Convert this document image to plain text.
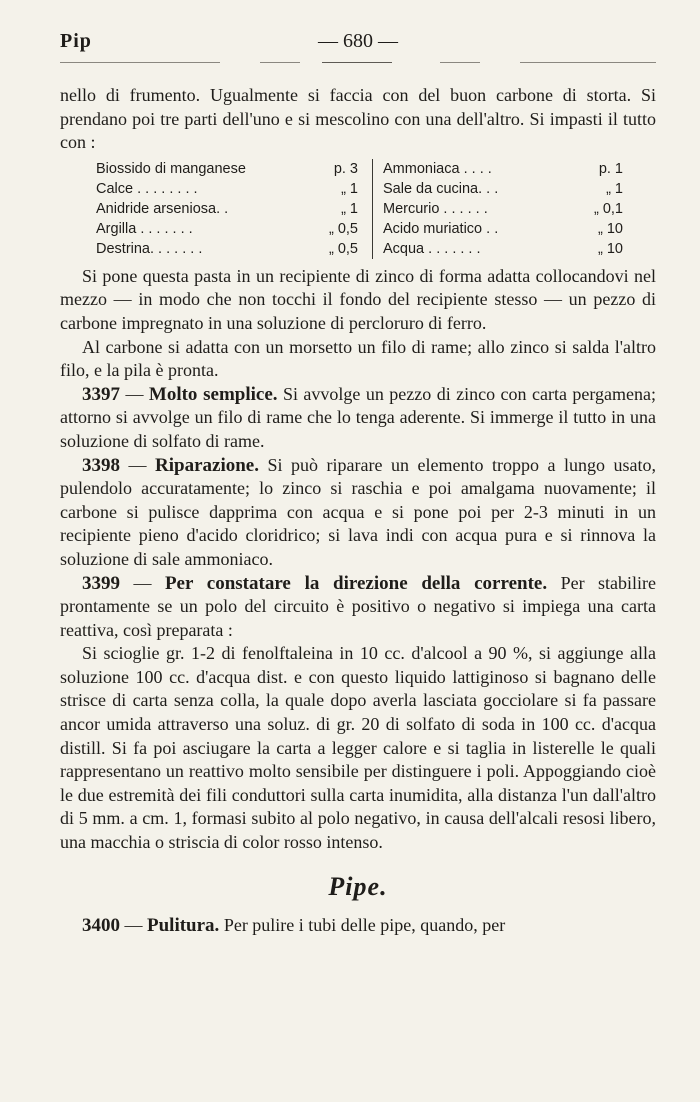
Pip	— 680 —

nello di frumento. Ugualmente si faccia con del buon carbone di storta. Si prendano poi tre parti dell'uno e si mescolino con una dell'altro. Si impasti il tutto con :

Biossido di manganese	p. 3
Calce . . . . . . . .	„ 1
Anidride arseniosa. .	„ 1
Argilla . . . . . . .	„ 0,5
Destrina. . . . . . .	„ 0,5
Ammoniaca . . . .	p. 1
Sale da cucina. . .	„ 1
Mercurio . . . . . .	„ 0,1
Acido muriatico . .	„ 10
Acqua . . . . . . .	„ 10

Si pone questa pasta in un recipiente di zinco di forma adatta collocandovi nel mezzo — in modo che non tocchi il fondo del recipiente stesso — un pezzo di carbone impregnato in una soluzione di percloruro di ferro.

Al carbone si adatta con un morsetto un filo di rame; allo zinco si salda l'altro filo, e la pila è pronta.

3397 — Molto semplice. Si avvolge un pezzo di zinco con carta pergamena; attorno si avvolge un filo di rame che lo tenga aderente. Si immerge il tutto in una soluzione di solfato di rame.

3398 — Riparazione. Si può riparare un elemento troppo a lungo usato, pulendolo accuratamente; lo zinco si raschia e poi amalgama nuovamente; il carbone si pulisce dapprima con acqua e si pone poi per 2-3 minuti in un recipiente pieno d'acido cloridrico; si lava indi con acqua pura e si rinnova la soluzione di sale ammoniaco.

3399 — Per constatare la direzione della corrente. Per stabilire prontamente se un polo del circuito è positivo o negativo si impiega una carta reattiva, così preparata :

Si scioglie gr. 1-2 di fenolftaleina in 10 cc. d'alcool a 90 %, si aggiunge alla soluzione 100 cc. d'acqua dist. e con questo liquido lattiginoso si bagnano delle strisce di carta senza colla, la quale dopo averla lasciata gocciolare si fa passare ancor umida attraverso una soluz. di gr. 20 di solfato di soda in 100 cc. d'acqua distill. Si fa poi asciugare la carta a legger calore e si taglia in listerelle le quali rappresentano un reattivo molto sensibile per distinguere i poli. Appoggiando cioè le due estremità dei fili conduttori sulla carta inumidita, alla distanza l'un dall'altro di 5 mm. a cm. 1, formasi subito al polo negativo, in causa dell'alcali resosi libero, una macchia o striscia di color rosso intenso.

Pipe.

3400 — Pulitura. Per pulire i tubi delle pipe, quando, per
